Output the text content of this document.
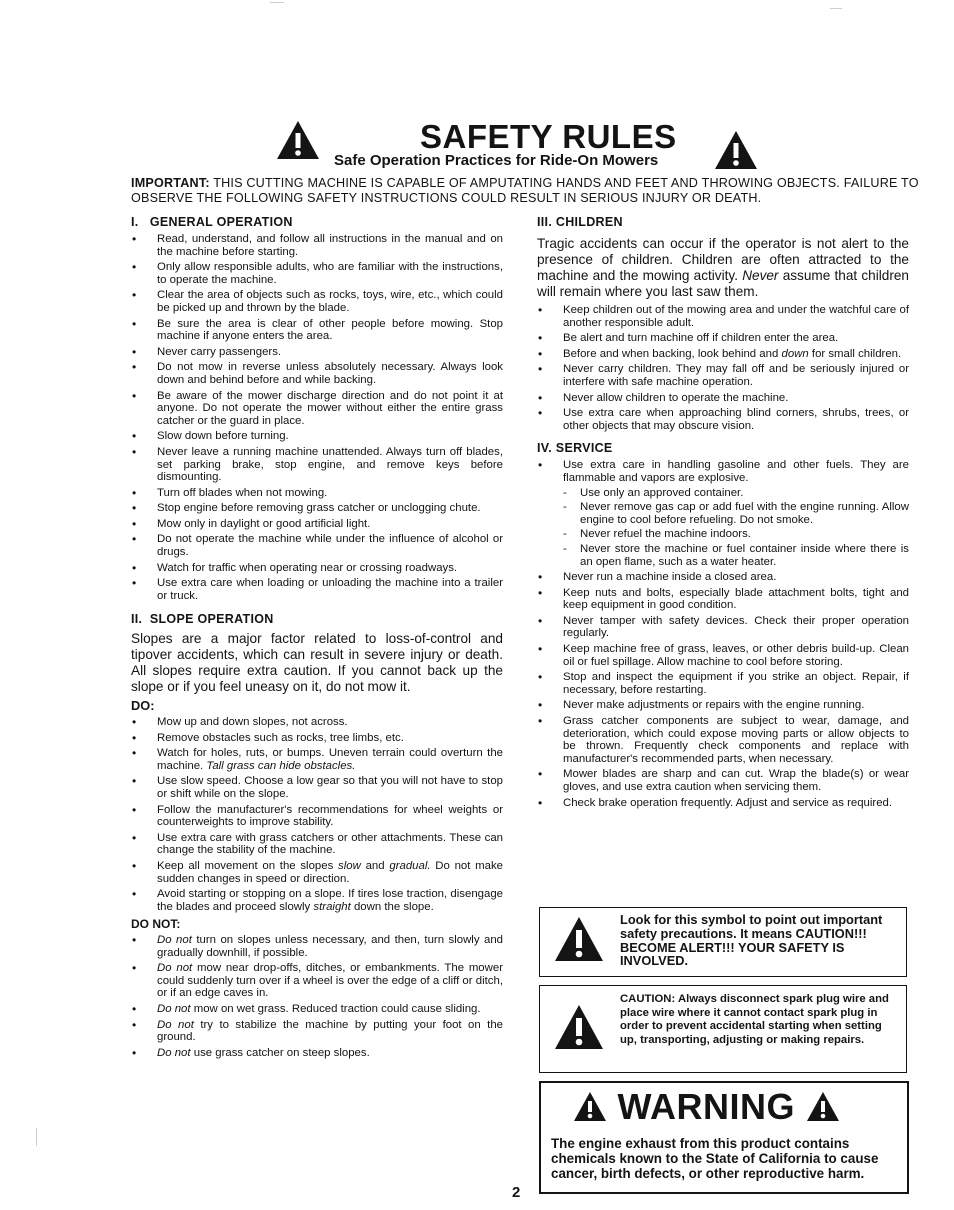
SAFETY RULES
Safe Operation Practices for Ride-On Mowers
IMPORTANT: THIS CUTTING MACHINE IS CAPABLE OF AMPUTATING HANDS AND FEET AND THROWING OBJECTS. FAILURE TO OBSERVE THE FOLLOWING SAFETY INSTRUCTIONS COULD RESULT IN SERIOUS INJURY OR DEATH.
I.   GENERAL OPERATION
• Read, understand, and follow all instructions in the manual and on the machine before starting.
• Only allow responsible adults, who are familiar with the instructions, to operate the machine.
• Clear the area of objects such as rocks, toys, wire, etc., which could be picked up and thrown by the blade.
• Be sure the area is clear of other people before mowing. Stop machine if anyone enters the area.
• Never carry passengers.
• Do not mow in reverse unless absolutely necessary. Always look down and behind before and while backing.
• Be aware of the mower discharge direction and do not point it at anyone. Do not operate the mower without either the entire grass catcher or the guard in place.
• Slow down before turning.
• Never leave a running machine unattended. Always turn off blades, set parking brake, stop engine, and remove keys before dismounting.
• Turn off blades when not mowing.
• Stop engine before removing grass catcher or unclogging chute.
• Mow only in daylight or good artificial light.
• Do not operate the machine while under the influence of alcohol or drugs.
• Watch for traffic when operating near or crossing roadways.
• Use extra care when loading or unloading the machine into a trailer or truck.
II.  SLOPE OPERATION

Slopes are a major factor related to loss-of-control and tipover accidents, which can result in severe injury or death. All slopes require extra caution. If you cannot back up the slope or if you feel uneasy on it, do not mow it.

DO:
• Mow up and down slopes, not across.
• Remove obstacles such as rocks, tree limbs, etc.
• Watch for holes, ruts, or bumps. Uneven terrain could overturn the machine. Tall grass can hide obstacles.
• Use slow speed. Choose a low gear so that you will not have to stop or shift while on the slope.
• Follow the manufacturer's recommendations for wheel weights or counterweights to improve stability.
• Use extra care with grass catchers or other attachments. These can change the stability of the machine.
• Keep all movement on the slopes slow and gradual. Do not make sudden changes in speed or direction.
• Avoid starting or stopping on a slope. If tires lose traction, disengage the blades and proceed slowly straight down the slope.
DO NOT:
• Do not turn on slopes unless necessary, and then, turn slowly and gradually downhill, if possible.
• Do not mow near drop-offs, ditches, or embankments. The mower could suddenly turn over if a wheel is over the edge of a cliff or ditch, or if an edge caves in.
• Do not mow on wet grass. Reduced traction could cause sliding.
• Do not try to stabilize the machine by putting your foot on the ground.
• Do not use grass catcher on steep slopes.
III. CHILDREN

Tragic accidents can occur if the operator is not alert to the presence of children. Children are often attracted to the machine and the mowing activity. Never assume that children will remain where you last saw them.

• Keep children out of the mowing area and under the watchful care of another responsible adult.
• Be alert and turn machine off if children enter the area.
• Before and when backing, look behind and down for small children.
• Never carry children. They may fall off and be seriously injured or interfere with safe machine operation.
• Never allow children to operate the machine.
• Use extra care when approaching blind corners, shrubs, trees, or other objects that may obscure vision.
IV. SERVICE
• Use extra care in handling gasoline and other fuels. They are flammable and vapors are explosive.
- Use only an approved container.
- Never remove gas cap or add fuel with the engine running. Allow engine to cool before refueling. Do not smoke.
- Never refuel the machine indoors.
- Never store the machine or fuel container inside where there is an open flame, such as a water heater.
• Never run a machine inside a closed area.
• Keep nuts and bolts, especially blade attachment bolts, tight and keep equipment in good condition.
• Never tamper with safety devices. Check their proper operation regularly.
• Keep machine free of grass, leaves, or other debris build-up. Clean oil or fuel spillage. Allow machine to cool before storing.
• Stop and inspect the equipment if you strike an object. Repair, if necessary, before restarting.
• Never make adjustments or repairs with the engine running.
• Grass catcher components are subject to wear, damage, and deterioration, which could expose moving parts or allow objects to be thrown. Frequently check components and replace with manufacturer's recommended parts, when necessary.
• Mower blades are sharp and can cut. Wrap the blade(s) or wear gloves, and use extra caution when servicing them.
• Check brake operation frequently. Adjust and service as required.
Look for this symbol to point out important safety precautions. It means CAUTION!!! BECOME ALERT!!! YOUR SAFETY IS INVOLVED.
CAUTION: Always disconnect spark plug wire and place wire where it cannot contact spark plug in order to prevent accidental starting when setting up, transporting, adjusting or making repairs.
WARNING
The engine exhaust from this product contains chemicals known to the State of California to cause cancer, birth defects, or other reproductive harm.
2
